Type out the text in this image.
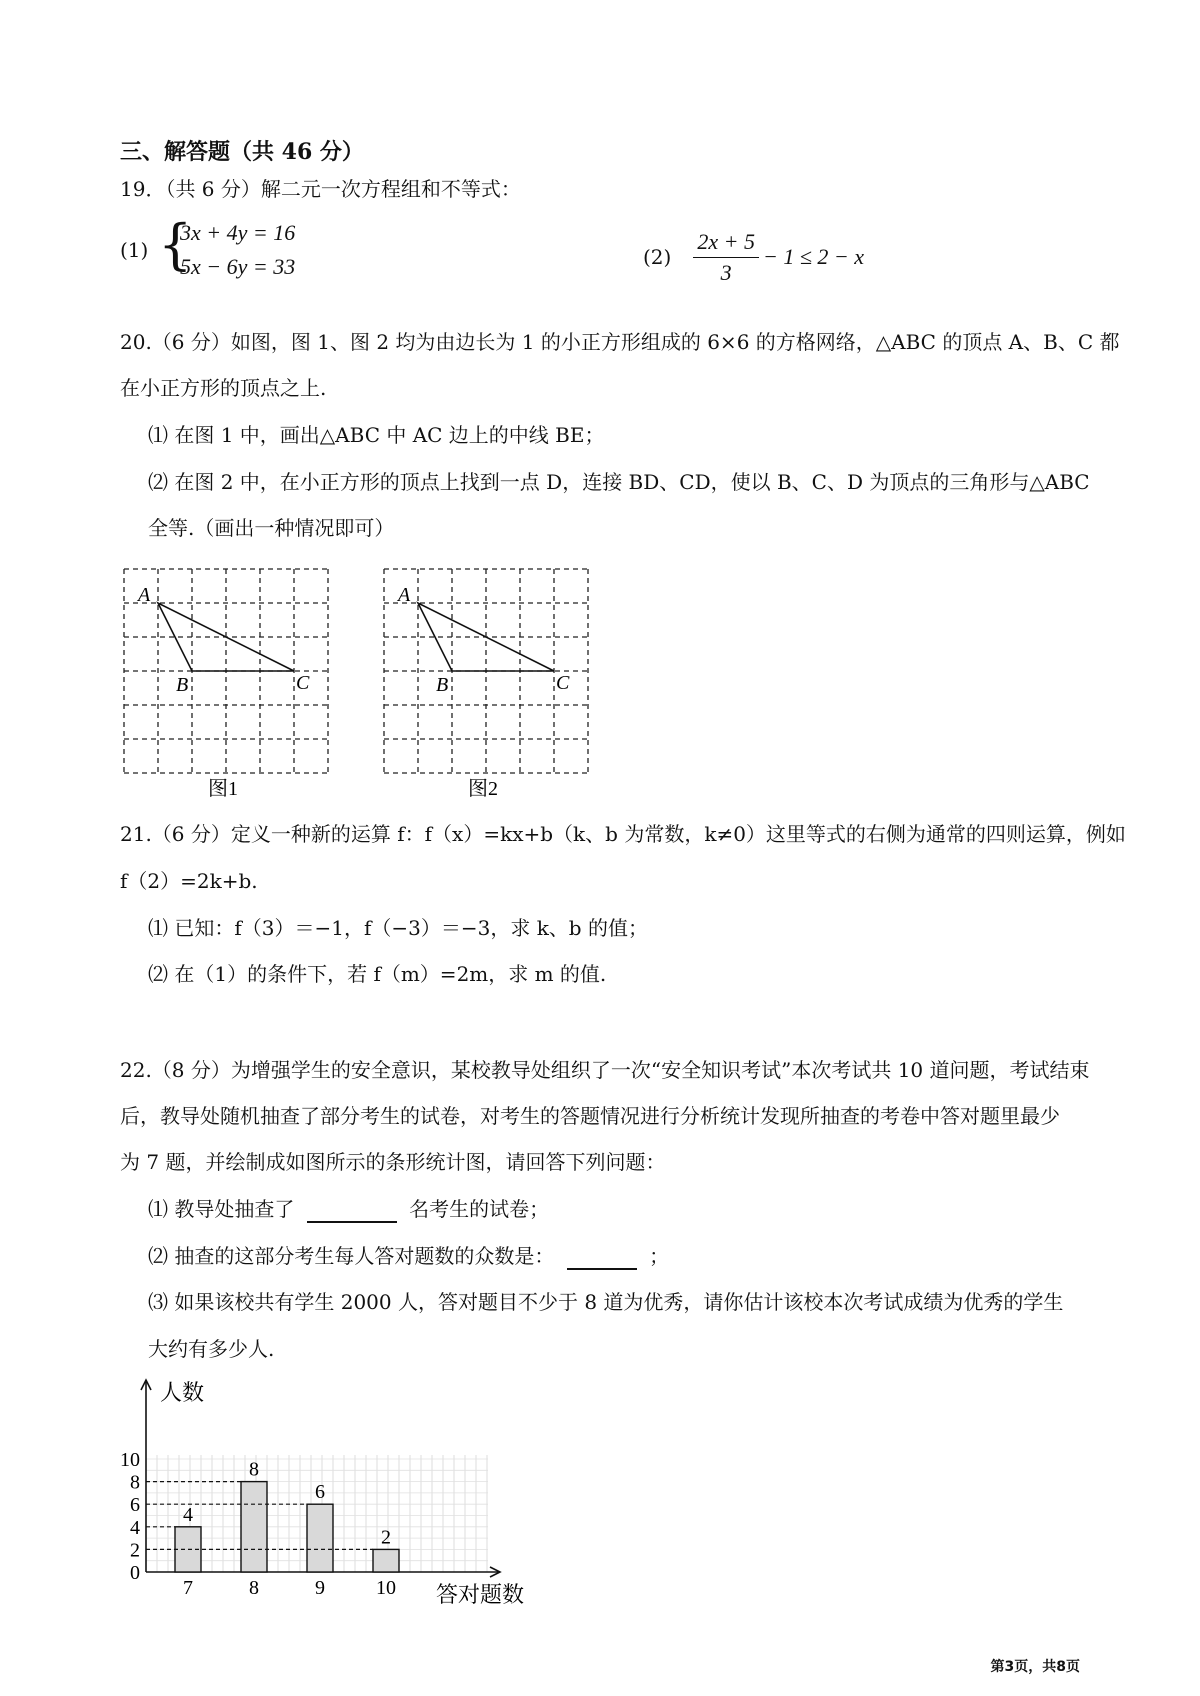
三、解答题（共 46 分）
19．（共 6 分）解二元一次方程组和不等式：
(1) {
3x + 4y = 16
5x − 6y = 33	$(2) \frac{2x + 5}{3} - 1 \le 2 - x$
20.（6 分）如图，图 1、图 2 均为由边长为 1 的小正方形组成的 6×6 的方格网络，△ABC 的顶点 A、B、C 都
在小正方形的顶点之上.
⑴ 在图 1 中，画出△ABC 中 AC 边上的中线 BE；
⑵ 在图 2 中，在小正方形的顶点上找到一点 D，连接 BD、CD，使以 B、C、D 为顶点的三角形与△ABC
全等.（画出一种情况即可）
A
B	C
图1
A
B	C
图2
21.（6 分）定义一种新的运算 f：f（x）=kx+b（k、b 为常数，k≠0）这里等式的右侧为通常的四则运算，例如
f（2）=2k+b.
⑴ 已知：f（3）＝−1，f（−3）＝−3，求 k、b 的值；
⑵ 在（1）的条件下，若 f（m）=2m，求 m 的值.
22.（8 分）为增强学生的安全意识，某校教导处组织了一次“安全知识考试”本次考试共 10 道问题，考试结束
后，教导处随机抽查了部分考生的试卷，对考生的答题情况进行分析统计发现所抽查的考卷中答对题里最少
为 7 题，并绘制成如图所示的条形统计图，请回答下列问题：
⑴ 教导处抽查了	名考生的试卷；
⑵ 抽查的这部分考生每人答对题数的众数是：	；
⑶ 如果该校共有学生 2000 人，答对题目不少于 8 道为优秀，请你估计该校本次考试成绩为优秀的学生
大约有多少人.
人数
答对题数
0
2
4
6
8
10
4
7
8
8
6
9
2
10
第3页，共8页
